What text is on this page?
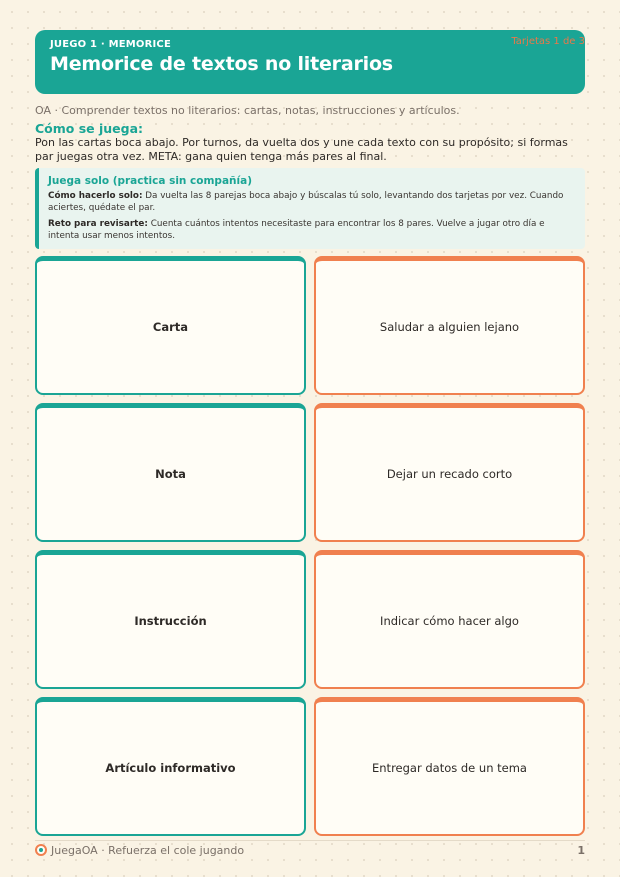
JUEGO 1 · MEMORICE
Memorice de textos no literarios
Tarjetas 1 de 3
OA · Comprender textos no literarios: cartas, notas, instrucciones y artículos.
Cómo se juega:
Pon las cartas boca abajo. Por turnos, da vuelta dos y une cada texto con su propósito; si formas par juegas otra vez. META: gana quien tenga más pares al final.
Juega solo (practica sin compañía)
Cómo hacerlo solo: Da vuelta las 8 parejas boca abajo y búscalas tú solo, levantando dos tarjetas por vez. Cuando aciertes, quédate el par.
Reto para revisarte: Cuenta cuántos intentos necesitaste para encontrar los 8 pares. Vuelve a jugar otro día e intenta usar menos intentos.
Carta	Saludar a alguien lejano
Nota	Dejar un recado corto
Instrucción	Indicar cómo hacer algo
Artículo informativo	Entregar datos de un tema
JuegaOA · Refuerza el cole jugando	1
